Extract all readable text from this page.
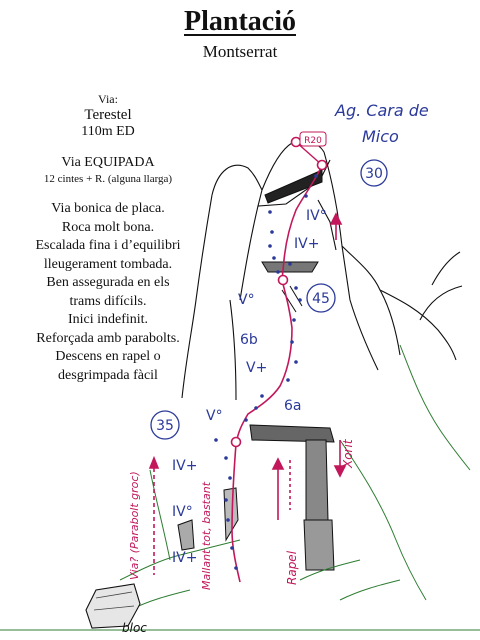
Plantació
Montserrat
Via:
Terestel
110m ED
Via EQUIPADA
12 cintes + R. (alguna llarga)
Via bonica de placa.
Roca molt bona.
Escalada fina i d’equilibri
lleugerament tombada.
Ben assegurada en els
trams difícils.
Inici indefinit.
Reforçada amb parabolts.
Descens en rapel o
desgrimpada fàcil
30
45
35
Ag. Cara de
Mico
R20
IV°
IV+
V°
6b
V+
V°
6a
IV+
IV°
IV+
Via? (Parabolt groc)	Mallant tot, bastant	Rapel
Xorit
bloc
